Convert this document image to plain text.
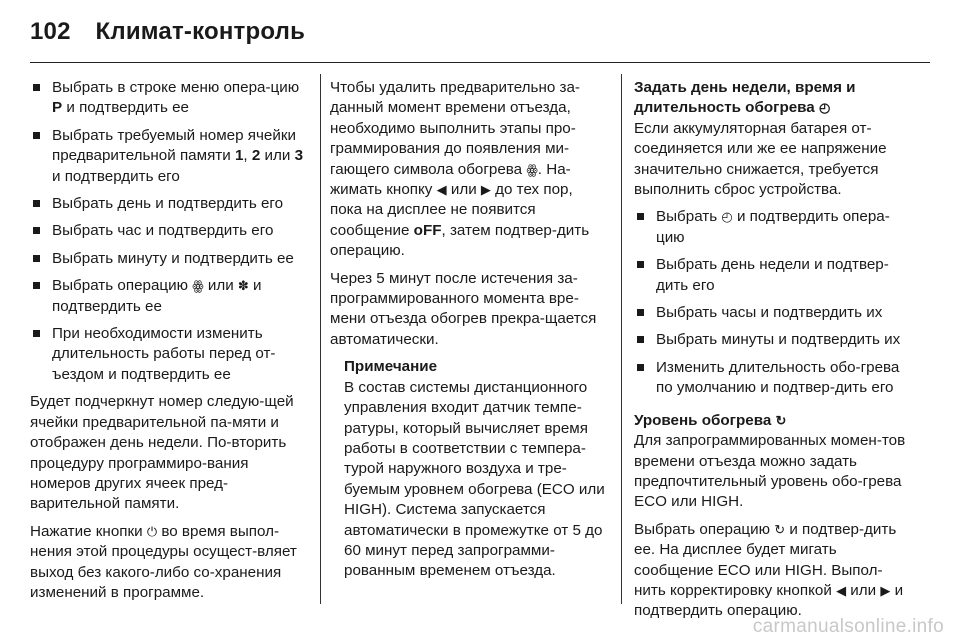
102 Климат-контроль
Выбрать в строке меню опера-цию P и подтвердить ее
Выбрать требуемый номер ячейки предварительной памяти 1, 2 или 3 и подтвердить его
Выбрать день и подтвердить его
Выбрать час и подтвердить его
Выбрать минуту и подтвердить ее
Выбрать операцию ꙮ или ✽ и подтвердить ее
При необходимости изменить длительность работы перед от-ъездом и подтвердить ее

Будет подчеркнут номер следую-щей ячейки предварительной па-мяти и отображен день недели. По-вторить процедуру программиро-вания номеров других ячеек пред-варительной памяти.

Нажатие кнопки ⏻ во время выпол-нения этой процедуры осущест-вляет выход без какого-либо со-хранения изменений в программе.

Чтобы удалить предварительно за-данный момент времени отъезда, необходимо выполнить этапы про-граммирования до появления ми-гающего символа обогрева ꙮ. На-жимать кнопку ◀ или ▶ до тех пор, пока на дисплее не появится сообщение oFF, затем подтвер-дить операцию.

Через 5 минут после истечения за-программированного момента вре-мени отъезда обогрев прекра-щается автоматически.

Примечание
В состав системы дистанционного управления входит датчик темпе-ратуры, который вычисляет время работы в соответствии с темпера-турой наружного воздуха и тре-буемым уровнем обогрева (ECO или HIGH). Система запускается автоматически в промежутке от 5 до 60 минут перед запрограмми-рованным временем отъезда.
Задать день недели, время и длительность обогрева ◴

Если аккумуляторная батарея от-соединяется или же ее напряжение значительно снижается, требуется выполнить сброс устройства.

Выбрать ◴ и подтвердить опера-цию
Выбрать день недели и подтвер-дить его
Выбрать часы и подтвердить их
Выбрать минуты и подтвердить их
Изменить длительность обо-грева по умолчанию и подтвер-дить его
Уровень обогрева ↻

Для запрограммированных момен-тов времени отъезда можно задать предпочтительный уровень обо-грева ECO или HIGH.

Выбрать операцию ↻ и подтвер-дить ее. На дисплее будет мигать сообщение ECO или HIGH. Выпол-нить корректировку кнопкой ◀ или ▶ и подтвердить операцию.

carmanualsonline.info
